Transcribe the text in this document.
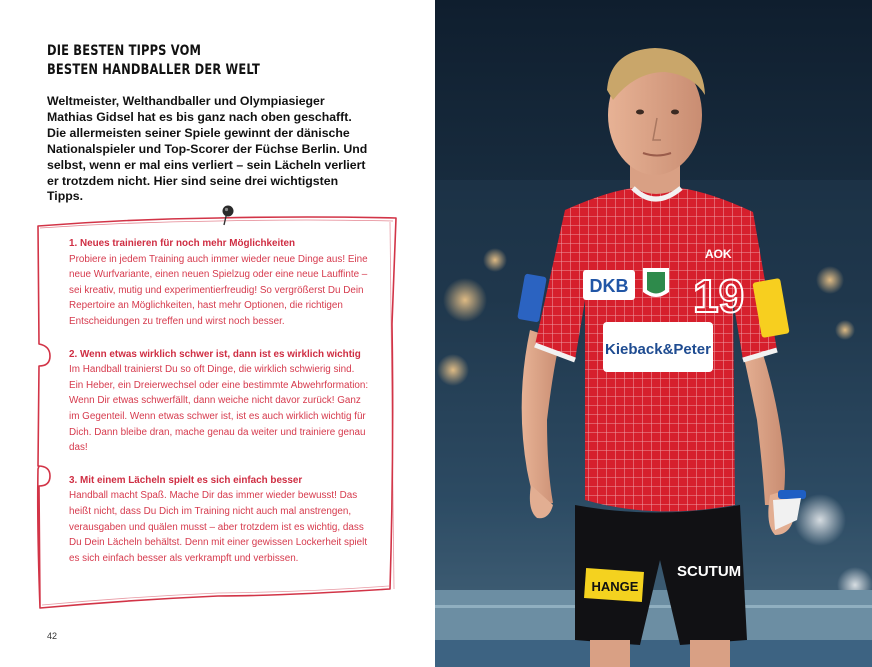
DIE BESTEN TIPPS VOM
BESTEN HANDBALLER DER WELT

Weltmeister, Welthandballer und Olympiasieger Mathias Gidsel hat es bis ganz nach oben geschafft. Die allermeisten seiner Spiele gewinnt der dänische Nationalspieler und Top-Scorer der Füchse Berlin. Und selbst, wenn er mal eins verliert – sein Lächeln verliert er trotzdem nicht. Hier sind seine drei wichtigsten Tipps.

1. Neues trainieren für noch mehr Möglichkeiten
Probiere in jedem Training auch immer wieder neue Dinge aus! Eine neue Wurfvariante, einen neuen Spielzug oder eine neue Lauffinte – sei kreativ, mutig und experimentierfreudig! So vergrößerst Du Dein Repertoire an Möglichkeiten, hast mehr Optionen, die richtigen Entscheidungen zu treffen und wirst noch besser.
2. Wenn etwas wirklich schwer ist, dann ist es wirklich wichtig
Im Handball trainierst Du so oft Dinge, die wirklich schwierig sind. Ein Heber, ein Dreierwechsel oder eine bestimmte Abwehrformation: Wenn Dir etwas schwerfällt, dann weiche nicht davor zurück! Ganz im Gegenteil. Wenn etwas schwer ist, ist es auch wirklich wichtig für Dich. Dann bleibe dran, mache genau da weiter und trainiere genau das!
3. Mit einem Lächeln spielt es sich einfach besser
Handball macht Spaß. Mache Dir das immer wieder bewusst! Das heißt nicht, dass Du Dich im Training nicht auch mal anstrengen, verausgaben und quälen musst – aber trotzdem ist es wichtig, dass Du Dein Lächeln behältst. Denn mit einer gewissen Lockerheit spielt es sich einfach besser als verkrampft und verbissen.
42
DKB
AOK
19
Kieback&Peter
HANGE
SCUTUM
